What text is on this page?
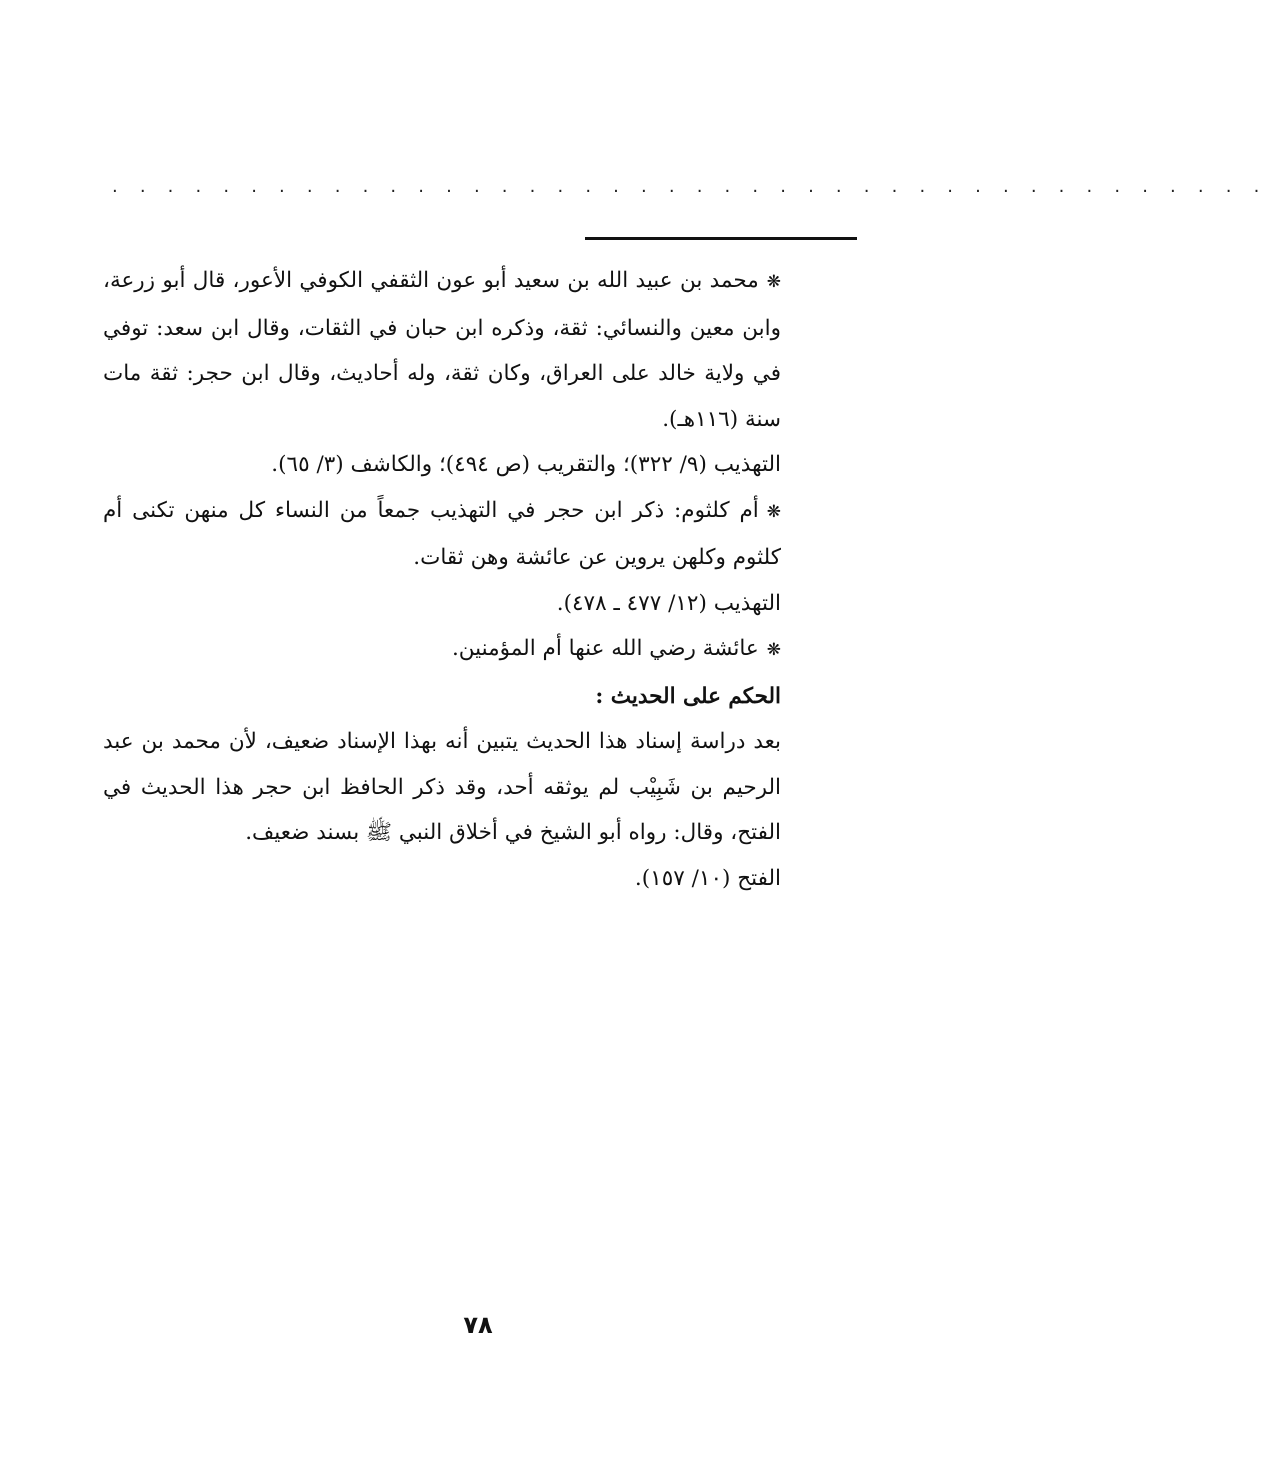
· · · · · · · · · · · · · · · · · · · · · · · · · · · · · · · · · · · · · · · · · ·

❋محمد بن عبيد الله بن سعيد أبو عون الثقفي الكوفي الأعور، قال أبو زرعة، وابن معين والنسائي: ثقة، وذكره ابن حبان في الثقات، وقال ابن سعد: توفي في ولاية خالد على العراق، وكان ثقة، وله أحاديث، وقال ابن حجر: ثقة مات سنة (١١٦هـ).

التهذيب (٩/ ٣٢٢)؛ والتقريب (ص ٤٩٤)؛ والكاشف (٣/ ٦٥).

❋أم كلثوم: ذكر ابن حجر في التهذيب جمعاً من النساء كل منهن تكنى أم كلثوم وكلهن يروين عن عائشة وهن ثقات.

التهذيب (١٢/ ٤٧٧ ـ ٤٧٨).

❋عائشة رضي الله عنها أم المؤمنين.

الحكم على الحديث :

بعد دراسة إسناد هذا الحديث يتبين أنه بهذا الإسناد ضعيف، لأن محمد بن عبد الرحيم بن شَبِيْب لم يوثقه أحد، وقد ذكر الحافظ ابن حجر هذا الحديث في الفتح، وقال: رواه أبو الشيخ في أخلاق النبي ﷺ بسند ضعيف.

الفتح (١٠/ ١٥٧).

٧٨
